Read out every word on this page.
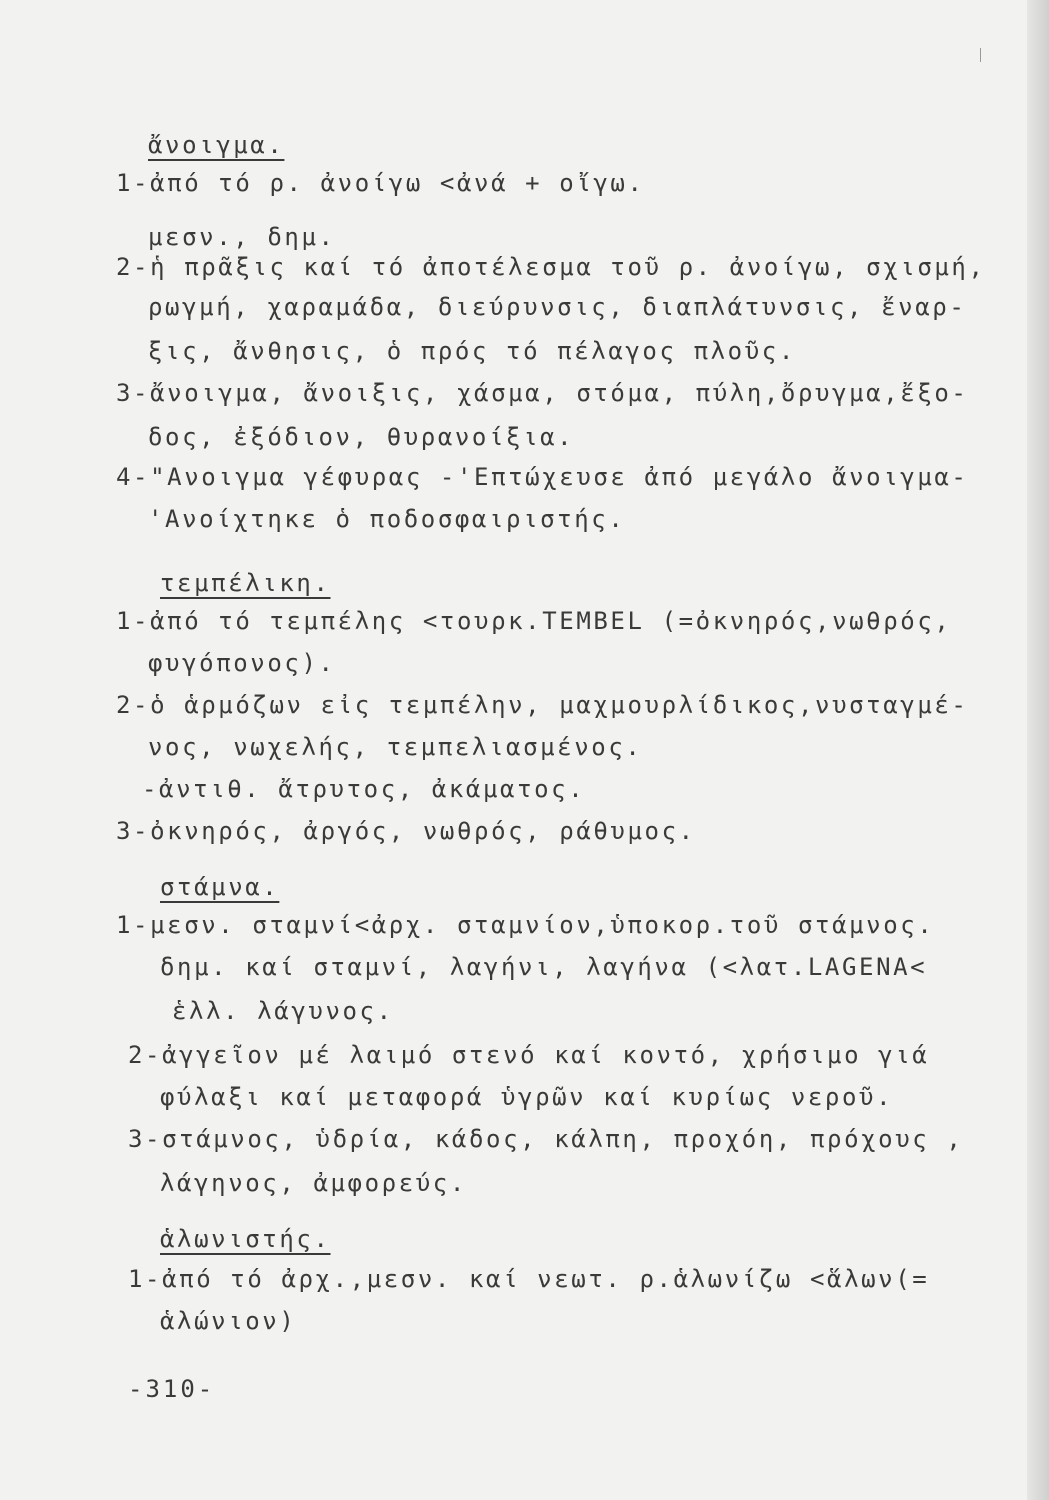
ἄνοιγμα.
1-ἀπό τό ρ. ἀνοίγω <ἀνά + οἴγω.
μεσν., δημ.
2-ἡ πρᾶξις καί τό ἀποτέλεσμα τοῦ ρ. ἀνοίγω, σχισμή,
ρωγμή, χαραμάδα, διεύρυνσις, διαπλάτυνσις, ἔναρ-
ξις, ἄνθησις, ὁ πρός τό πέλαγος πλοῦς.
3-ἄνοιγμα, ἄνοιξις, χάσμα, στόμα, πύλη,ὄρυγμα,ἔξο-
δος, ἐξόδιον, θυρανοίξια.
4-"Ανοιγμα γέφυρας -'Επτώχευσε ἀπό μεγάλο ἄνοιγμα-
'Ανοίχτηκε ὁ ποδοσφαιριστής.
τεμπέλικη.
1-ἀπό τό τεμπέλης <τουρκ.TEMBEL (=ὀκνηρός,νωθρός,
φυγόπονος).
2-ὁ ἁρμόζων εἰς τεμπέλην, μαχμουρλίδικος,νυσταγμέ-
νος, νωχελής, τεμπελιασμένος.
-ἀντιθ. ἄτρυτος, ἀκάματος.
3-ὀκνηρός, ἀργός, νωθρός, ράθυμος.
στάμνα.
1-μεσν. σταμνί<ἀρχ. σταμνίον,ὑποκορ.τοῦ στάμνος.
δημ. καί σταμνί, λαγήνι, λαγήνα (<λατ.LAGENA<
ἑλλ. λάγυνος.
2-ἀγγεῖον μέ λαιμό στενό καί κοντό, χρήσιμο γιά
φύλαξι καί μεταφορά ὑγρῶν καί κυρίως νεροῦ.
3-στάμνος, ὑδρία, κάδος, κάλπη, προχόη, πρόχους ,
λάγηνος, ἀμφορεύς.
ἁλωνιστής.
1-ἀπό τό ἀρχ.,μεσν. καί νεωτ. ρ.ἁλωνίζω <ἅλων(=
ἁλώνιον)
-310-
